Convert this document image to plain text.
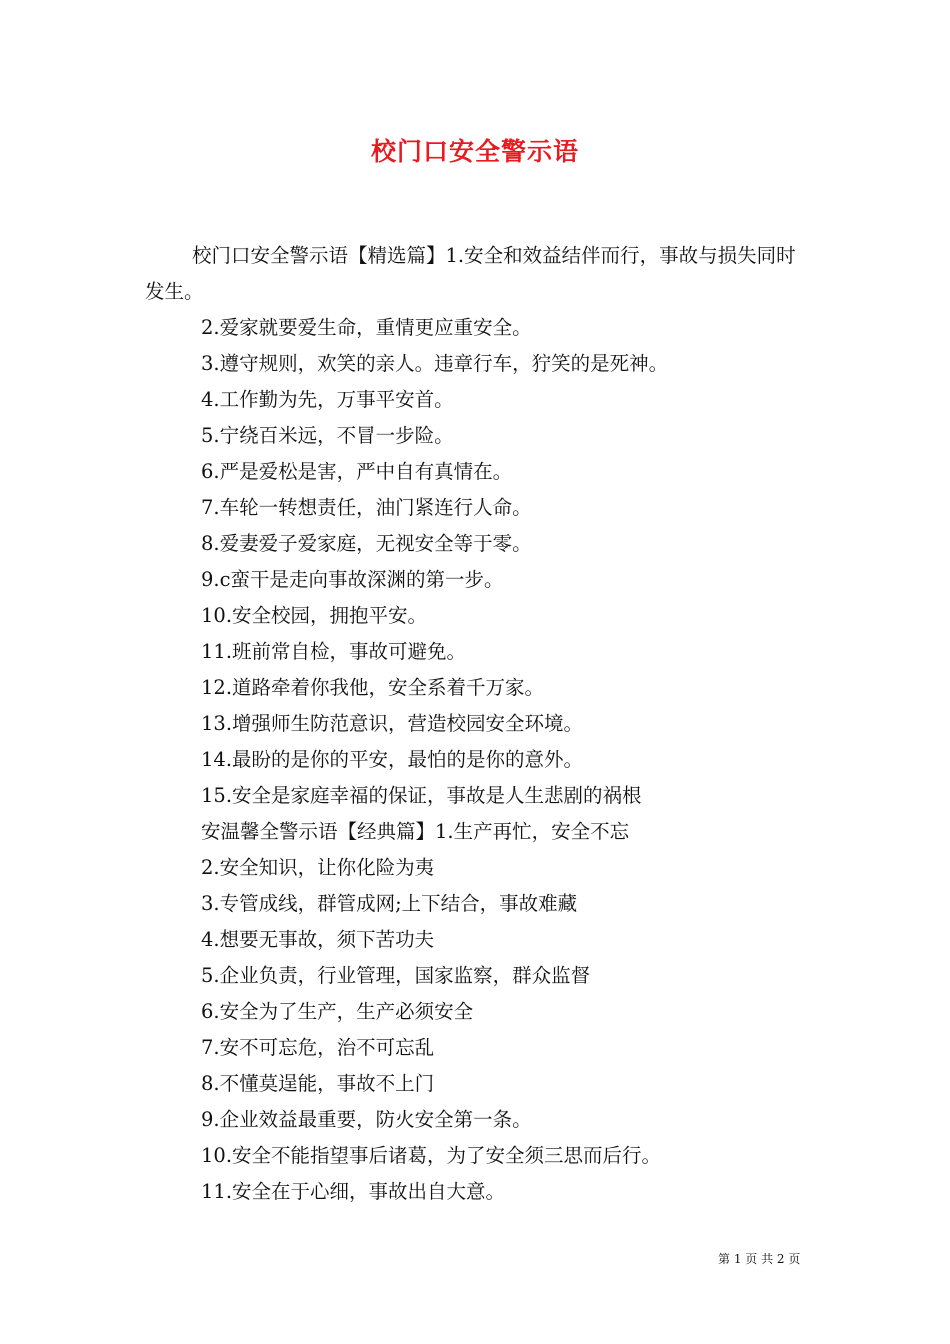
校门口安全警示语

校门口安全警示语【精选篇】1.安全和效益结伴而行，事故与损失同时发生。

2.爱家就要爱生命，重情更应重安全。

3.遵守规则，欢笑的亲人。违章行车，狞笑的是死神。

4.工作勤为先，万事平安首。

5.宁绕百米远，不冒一步险。

6.严是爱松是害，严中自有真情在。

7.车轮一转想责任，油门紧连行人命。

8.爱妻爱子爱家庭，无视安全等于零。

9.c蛮干是走向事故深渊的第一步。

10.安全校园，拥抱平安。

11.班前常自检，事故可避免。

12.道路牵着你我他，安全系着千万家。

13.增强师生防范意识，营造校园安全环境。

14.最盼的是你的平安，最怕的是你的意外。

15.安全是家庭幸福的保证，事故是人生悲剧的祸根

安温馨全警示语【经典篇】1.生产再忙，安全不忘

2.安全知识，让你化险为夷

3.专管成线，群管成网;上下结合，事故难藏

4.想要无事故，须下苦功夫

5.企业负责，行业管理，国家监察，群众监督

6.安全为了生产，生产必须安全

7.安不可忘危，治不可忘乱

8.不懂莫逞能，事故不上门

9.企业效益最重要，防火安全第一条。

10.安全不能指望事后诸葛，为了安全须三思而后行。

11.安全在于心细，事故出自大意。

第 1 页 共 2 页
